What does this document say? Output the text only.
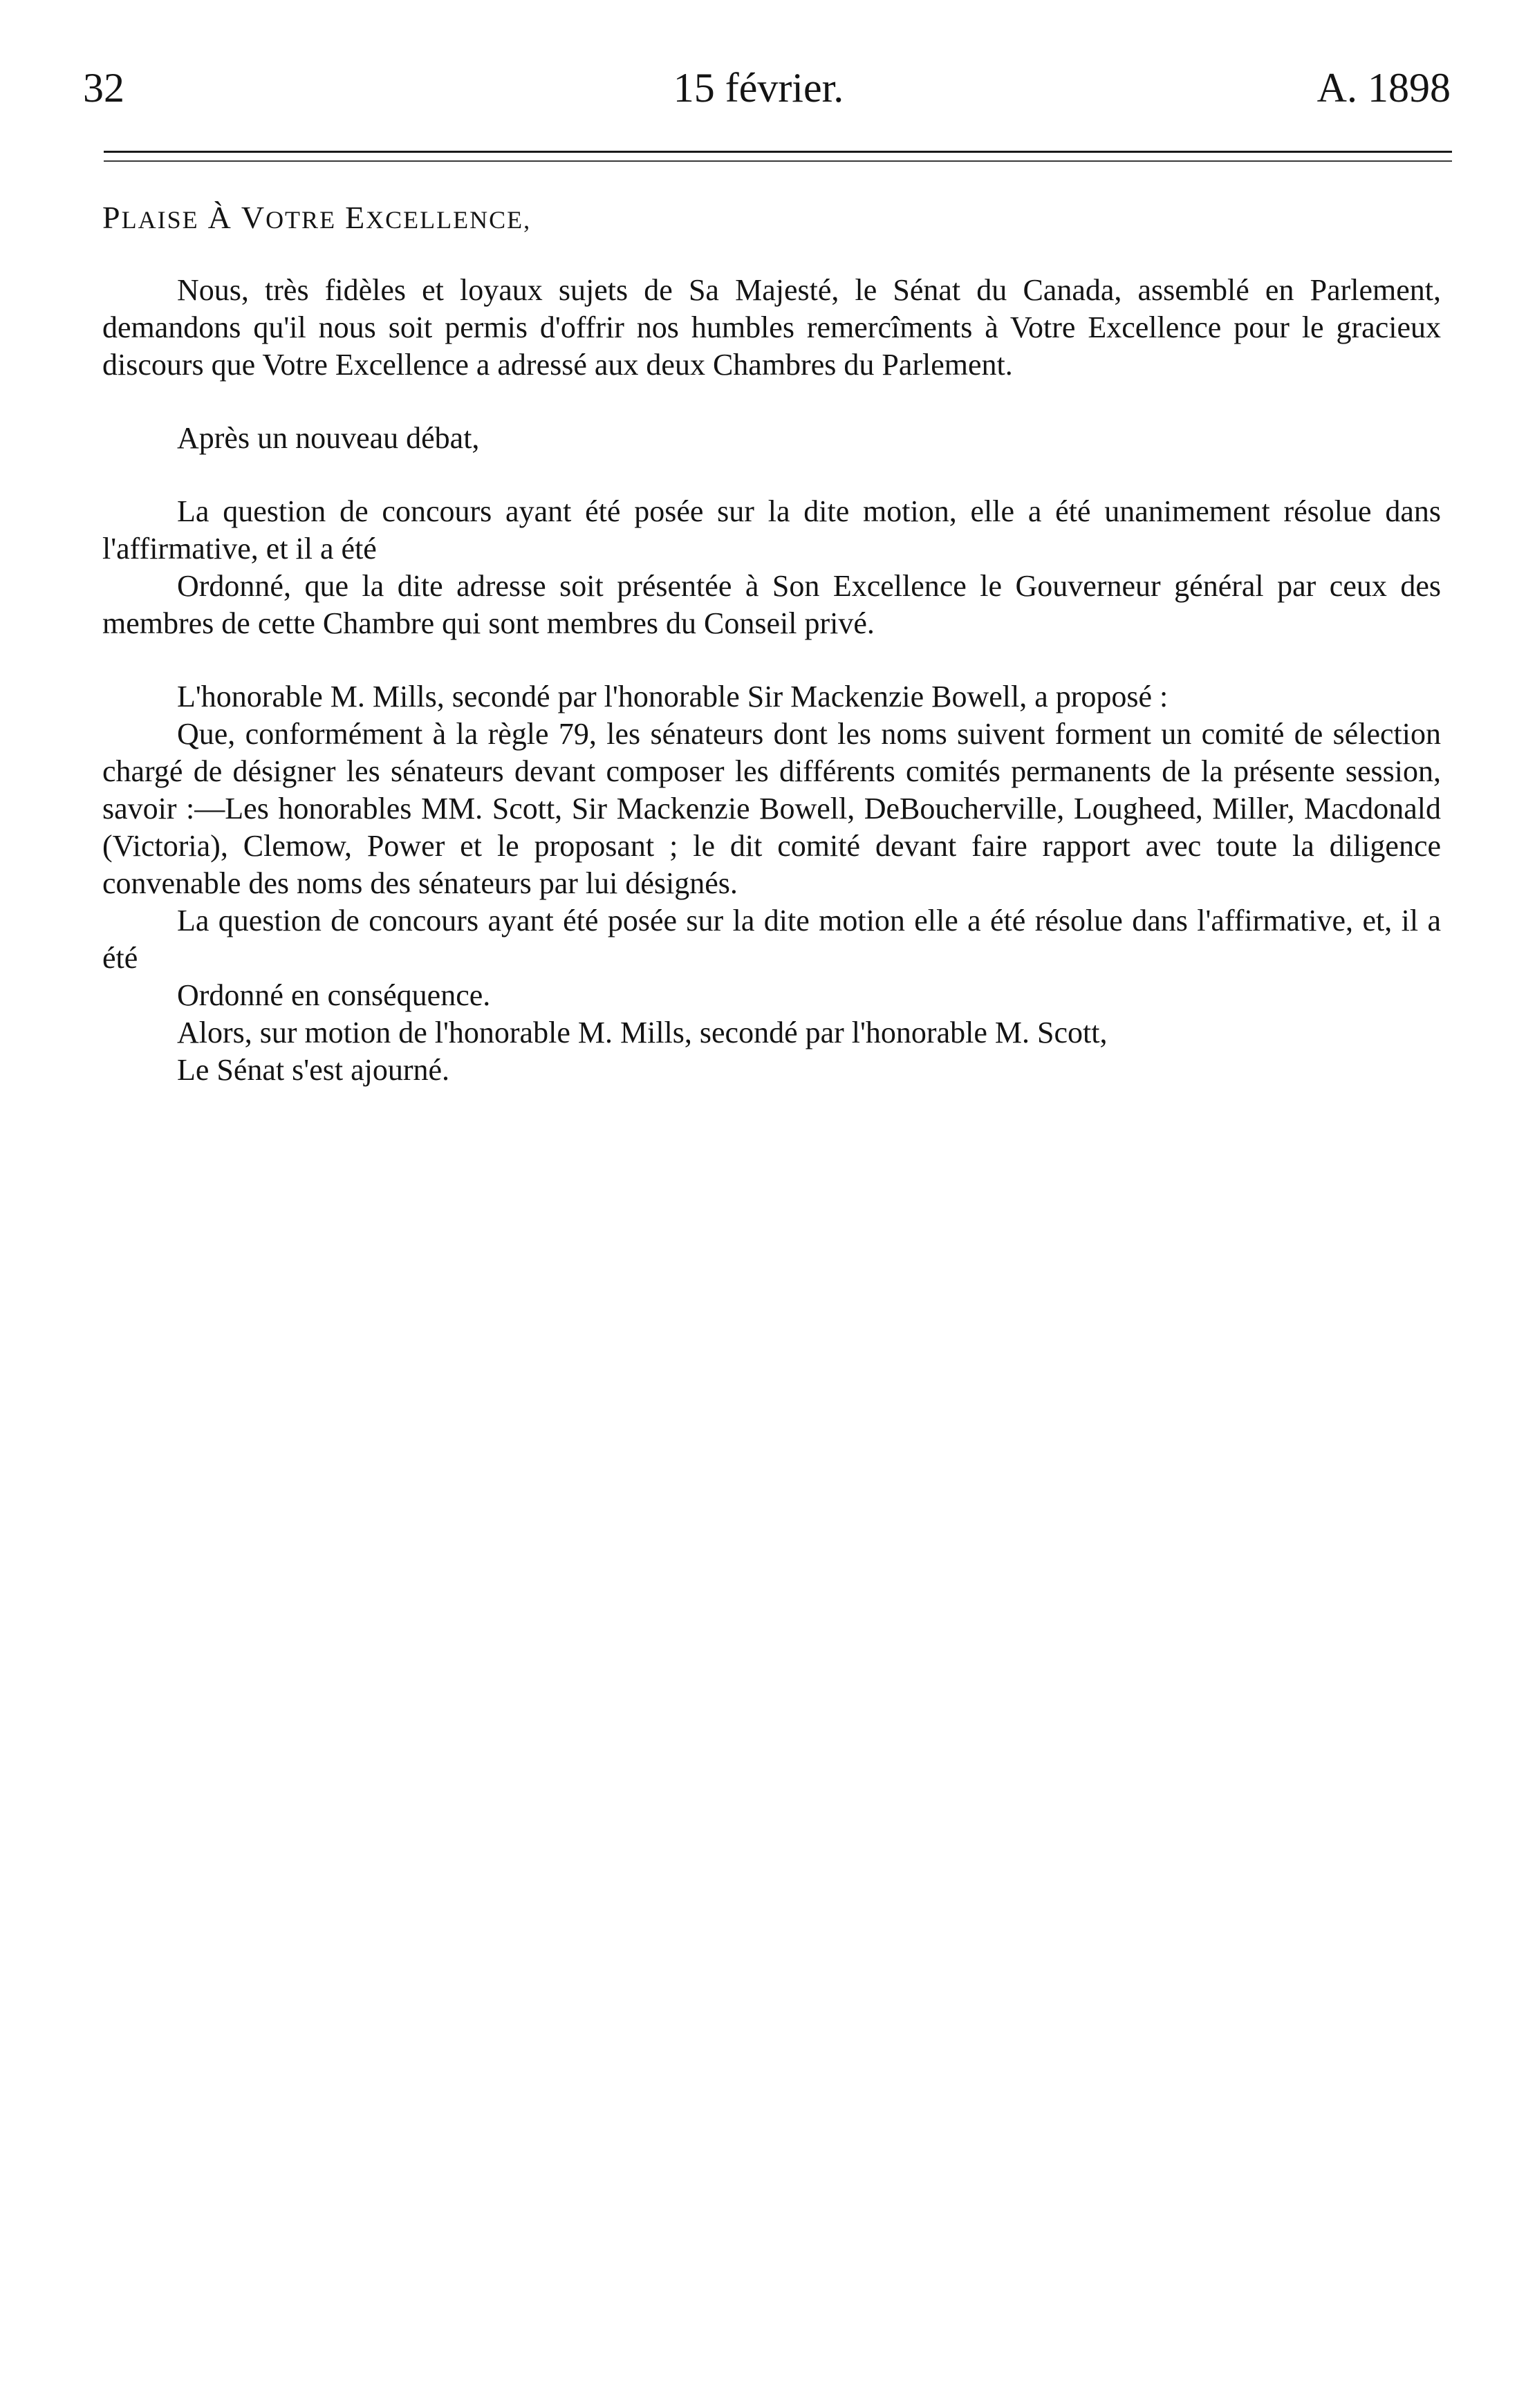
32	15 février.	A. 1898

PLAISE À VOTRE EXCELLENCE,

Nous, très fidèles et loyaux sujets de Sa Majesté, le Sénat du Canada, assemblé en Parlement, demandons qu'il nous soit permis d'offrir nos humbles remercîments à Votre Excellence pour le gracieux discours que Votre Excellence a adressé aux deux Chambres du Parlement.

Après un nouveau débat,

La question de concours ayant été posée sur la dite motion, elle a été unanimement résolue dans l'affirmative, et il a été

Ordonné, que la dite adresse soit présentée à Son Excellence le Gouverneur général par ceux des membres de cette Chambre qui sont membres du Conseil privé.

L'honorable M. Mills, secondé par l'honorable Sir Mackenzie Bowell, a proposé :

Que, conformément à la règle 79, les sénateurs dont les noms suivent forment un comité de sélection chargé de désigner les sénateurs devant composer les différents comités permanents de la présente session, savoir :—Les honorables MM. Scott, Sir Mackenzie Bowell, DeBoucherville, Lougheed, Miller, Macdonald (Victoria), Clemow, Power et le proposant ; le dit comité devant faire rapport avec toute la diligence convenable des noms des sénateurs par lui désignés.

La question de concours ayant été posée sur la dite motion elle a été résolue dans l'affirmative, et, il a été

Ordonné en conséquence.

Alors, sur motion de l'honorable M. Mills, secondé par l'honorable M. Scott,

Le Sénat s'est ajourné.
